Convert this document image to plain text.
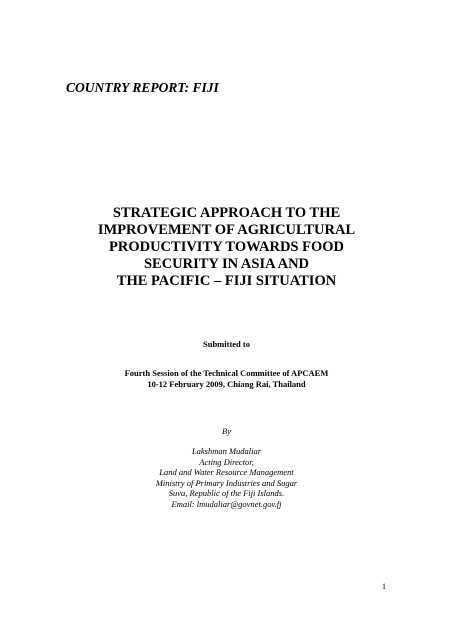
COUNTRY REPORT: FIJI
STRATEGIC APPROACH TO THE
IMPROVEMENT OF AGRICULTURAL
PRODUCTIVITY TOWARDS FOOD
SECURITY IN ASIA AND
THE PACIFIC – FIJI SITUATION
Submitted to
Fourth Session of the Technical Committee of APCAEM
10-12 February 2009, Chiang Rai, Thailand
By
Lakshman Mudaliar
Acting Director,
Land and Water Resource Management
Ministry of Primary Industries and Sugar
Suva, Republic of the Fiji Islands.
Email: lmudaliar@govnet.gov.fj
1
